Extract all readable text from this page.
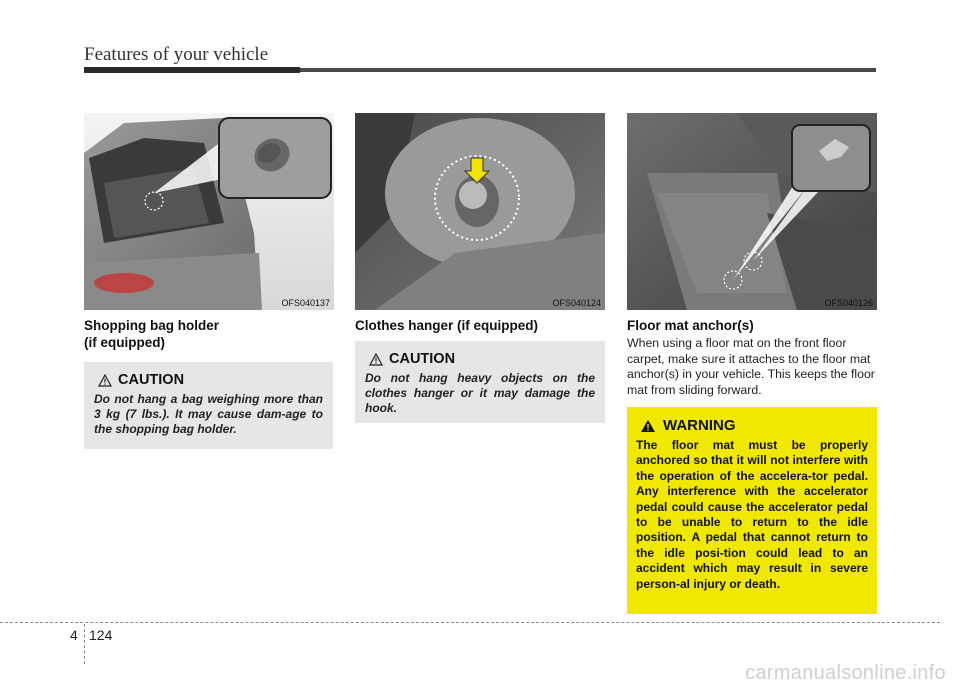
Features of your vehicle
OFS040137	OFS040124	OFS040126
Shopping bag holder
(if equipped)
CAUTION
Do not hang a bag weighing more than 3 kg (7 lbs.). It may cause dam-age to the shopping bag holder.
Clothes hanger (if equipped)
CAUTION
Do not hang heavy objects on the clothes hanger or it may damage the hook.
Floor mat anchor(s)
When using a floor mat on the front floor carpet, make sure it attaches to the floor mat anchor(s) in your vehicle. This keeps the floor mat from sliding forward.
WARNING
The floor mat must be properly anchored so that it will not interfere with the operation of the accelera-tor pedal. Any interference with the accelerator pedal could cause the accelerator pedal to be unable to return to the idle position. A pedal that cannot return to the idle posi-tion could lead to an accident which may result in severe person-al injury or death.
4 124
carmanualsonline.info
